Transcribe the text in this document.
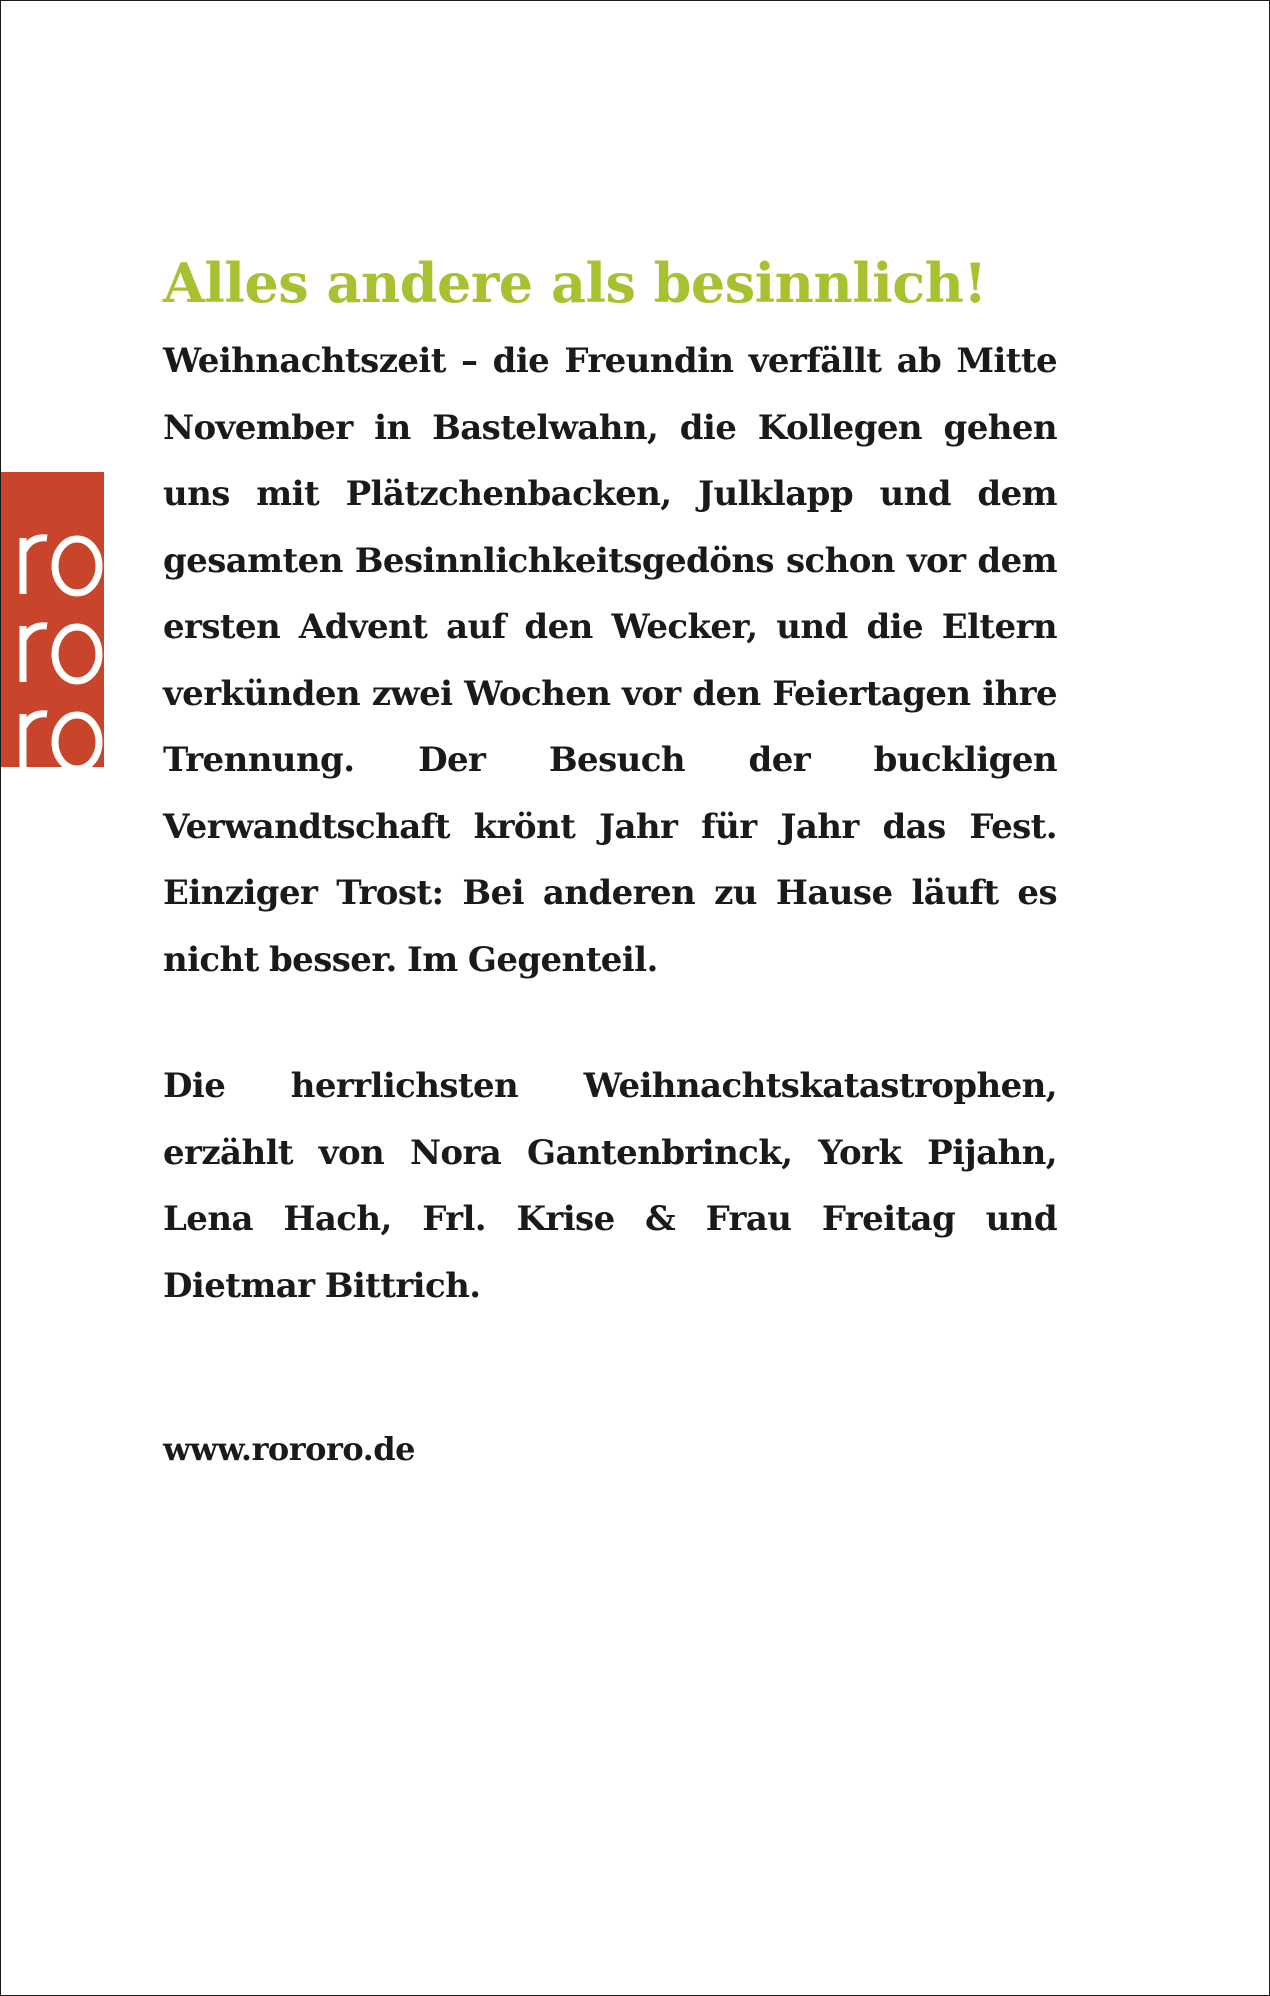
Alles andere als besinnlich!

Weihnachtszeit – die Freundin verfällt ab Mitte November in Bastelwahn, die Kollegen gehen uns mit Plätzchenbacken, Julklapp und dem gesamten Besinnlichkeitsgedöns schon vor dem ersten Advent auf den Wecker, und die Eltern verkünden zwei Wochen vor den Feiertagen ihre Trennung. Der Besuch der buckligen Verwandtschaft krönt Jahr für Jahr das Fest. Einziger Trost: Bei anderen zu Hause läuft es nicht besser. Im Gegenteil.

Die herrlichsten Weihnachtskatastrophen, erzählt von Nora Gantenbrinck, York Pijahn, Lena Hach, Frl. Krise & Frau Freitag und Dietmar Bittrich.

www.rororo.de
